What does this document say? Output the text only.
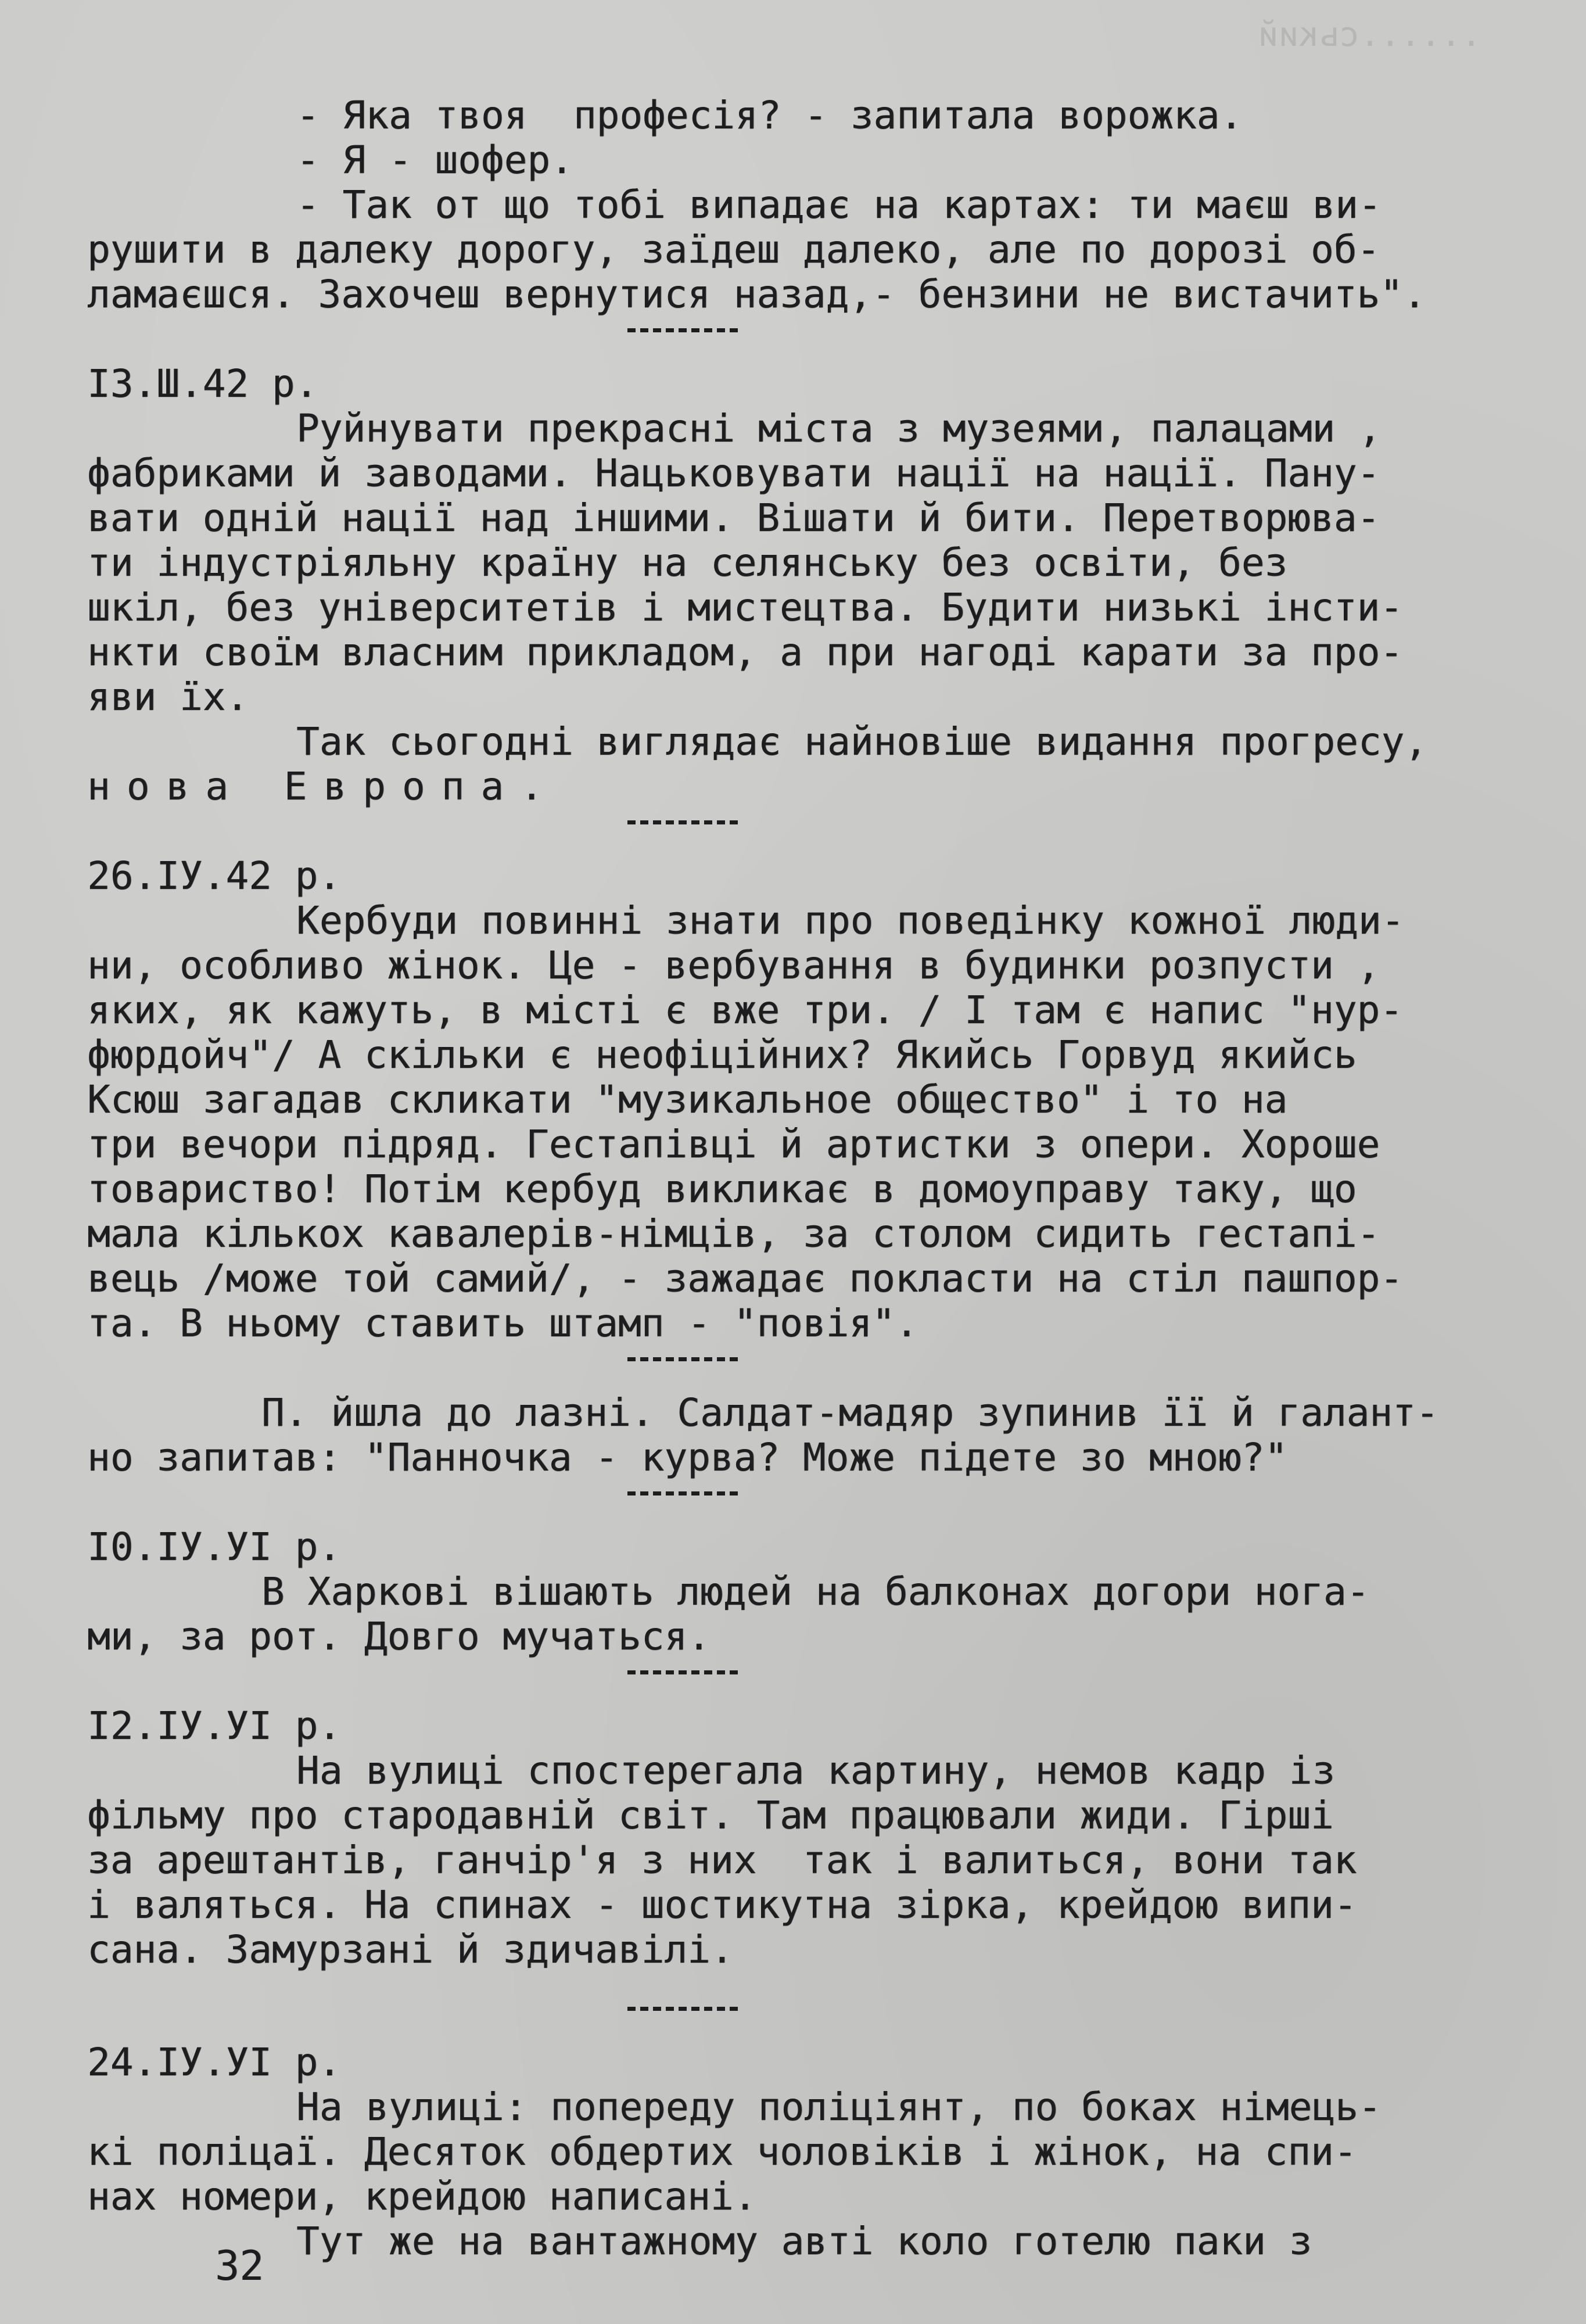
......ський
- Яка твоя  професія? - запитала ворожка.
- Я - шофер.
- Так от що тобі випадає на картах: ти маєш ви-
рушити в далеку дорогу, заїдеш далеко, але по дорозі об-
ламаєшся. Захочеш вернутися назад,- бензини не вистачить".
I3.Ш.42 р.
Руйнувати прекрасні міста з музеями, палацами ,
фабриками й заводами. Нацьковувати нації на нації. Пану-
вати одній нації над іншими. Вішати й бити. Перетворюва-
ти індустріяльну країну на селянську без освіти, без
шкіл, без університетів і мистецтва. Будити низькі інсти-
нкти своїм власним прикладом, а при нагоді карати за про-
яви їх.
Так сьогодні виглядає найновіше видання прогресу,
нова Европа.
26.ІУ.42 р.
Кербуди повинні знати про поведінку кожної люди-
ни, особливо жінок. Це - вербування в будинки розпусти ,
яких, як кажуть, в місті є вже три. / І там є напис "нур-
фюрдойч"/ А скільки є неофіційних? Якийсь Горвуд якийсь
Ксюш загадав скликати "музикальное общество" і то на
три вечори підряд. Гестапівці й артистки з опери. Хороше
товариство! Потім кербуд викликає в домоуправу таку, що
мала кількох кавалерів-німців, за столом сидить гестапі-
вець /може той самий/, - зажадає покласти на стіл пашпор-
та. В ньому ставить штамп - "повія".
П. йшла до лазні. Салдат-мадяр зупинив її й галант-
но запитав: "Панночка - курва? Може підете зо мною?"
I0.ІУ.УІ р.
В Харкові вішають людей на балконах догори нога-
ми, за рот. Довго мучаться.
I2.ІУ.УІ р.
На вулиці спостерегала картину, немов кадр із
фільму про стародавній світ. Там працювали жиди. Гірші
за арештантів, ганчір'я з них  так і валиться, вони так
і валяться. На спинах - шостикутна зірка, крейдою випи-
сана. Замурзані й здичавілі.
24.ІУ.УІ р.
На вулиці: попереду поліціянт, по боках німець-
кі поліцаї. Десяток обдертих чоловіків і жінок, на спи-
нах номери, крейдою написані.
Тут же на вантажному авті коло готелю паки з
32
